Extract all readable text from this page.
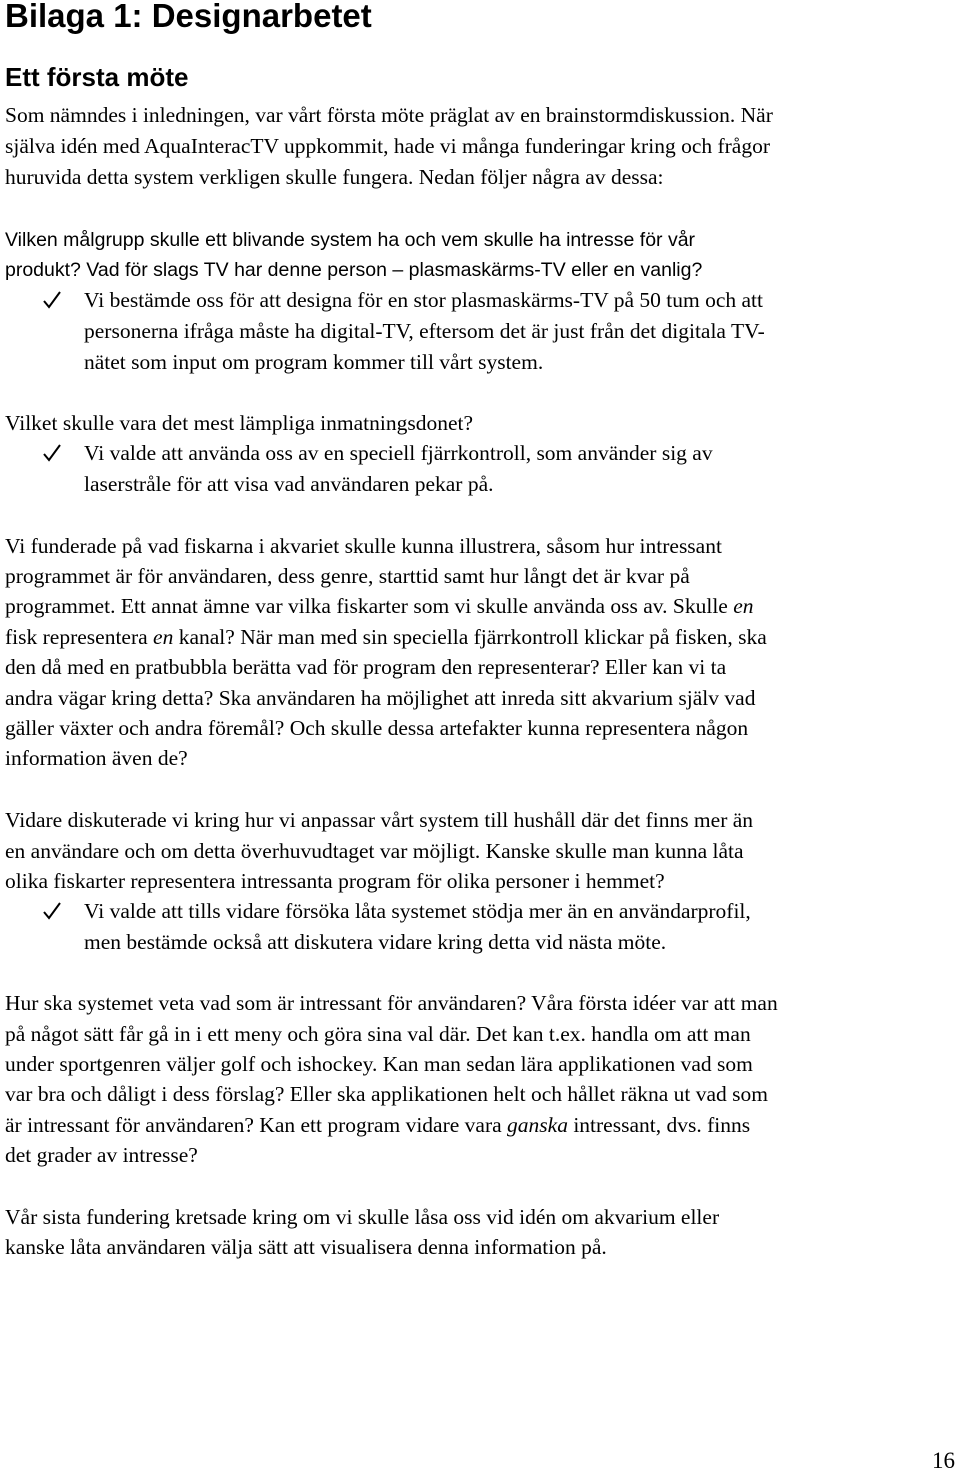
Bilaga 1: Designarbetet
Ett första möte
Som nämndes i inledningen, var vårt första möte präglat av en brainstormdiskussion. När
själva idén med AquaInteracTV uppkommit, hade vi många funderingar kring och frågor
huruvida detta system verkligen skulle fungera. Nedan följer några av dessa:
Vilken målgrupp skulle ett blivande system ha och vem skulle ha intresse för vår
produkt? Vad för slags TV har denne person – plasmaskärms-TV eller en vanlig?
Vi bestämde oss för att designa för en stor plasmaskärms-TV på 50 tum och att
personerna ifråga måste ha digital-TV, eftersom det är just från det digitala TV-
nätet som input om program kommer till vårt system.
Vilket skulle vara det mest lämpliga inmatningsdonet?
Vi valde att använda oss av en speciell fjärrkontroll, som använder sig av
laserstråle för att visa vad användaren pekar på.
Vi funderade på vad fiskarna i akvariet skulle kunna illustrera, såsom hur intressant
programmet är för användaren, dess genre, starttid samt hur långt det är kvar på
programmet. Ett annat ämne var vilka fiskarter som vi skulle använda oss av. Skulle en
fisk representera en kanal? När man med sin speciella fjärrkontroll klickar på fisken, ska
den då med en pratbubbla berätta vad för program den representerar? Eller kan vi ta
andra vägar kring detta? Ska användaren ha möjlighet att inreda sitt akvarium själv vad
gäller växter och andra föremål? Och skulle dessa artefakter kunna representera någon
information även de?
Vidare diskuterade vi kring hur vi anpassar vårt system till hushåll där det finns mer än
en användare och om detta överhuvudtaget var möjligt. Kanske skulle man kunna låta
olika fiskarter representera intressanta program för olika personer i hemmet?
Vi valde att tills vidare försöka låta systemet stödja mer än en användarprofil,
men bestämde också att diskutera vidare kring detta vid nästa möte.
Hur ska systemet veta vad som är intressant för användaren? Våra första idéer var att man
på något sätt får gå in i ett meny och göra sina val där. Det kan t.ex. handla om att man
under sportgenren väljer golf och ishockey. Kan man sedan lära applikationen vad som
var bra och dåligt i dess förslag? Eller ska applikationen helt och hållet räkna ut vad som
är intressant för användaren? Kan ett program vidare vara ganska intressant, dvs. finns
det grader av intresse?
Vår sista fundering kretsade kring om vi skulle låsa oss vid idén om akvarium eller
kanske låta användaren välja sätt att visualisera denna information på.
16
